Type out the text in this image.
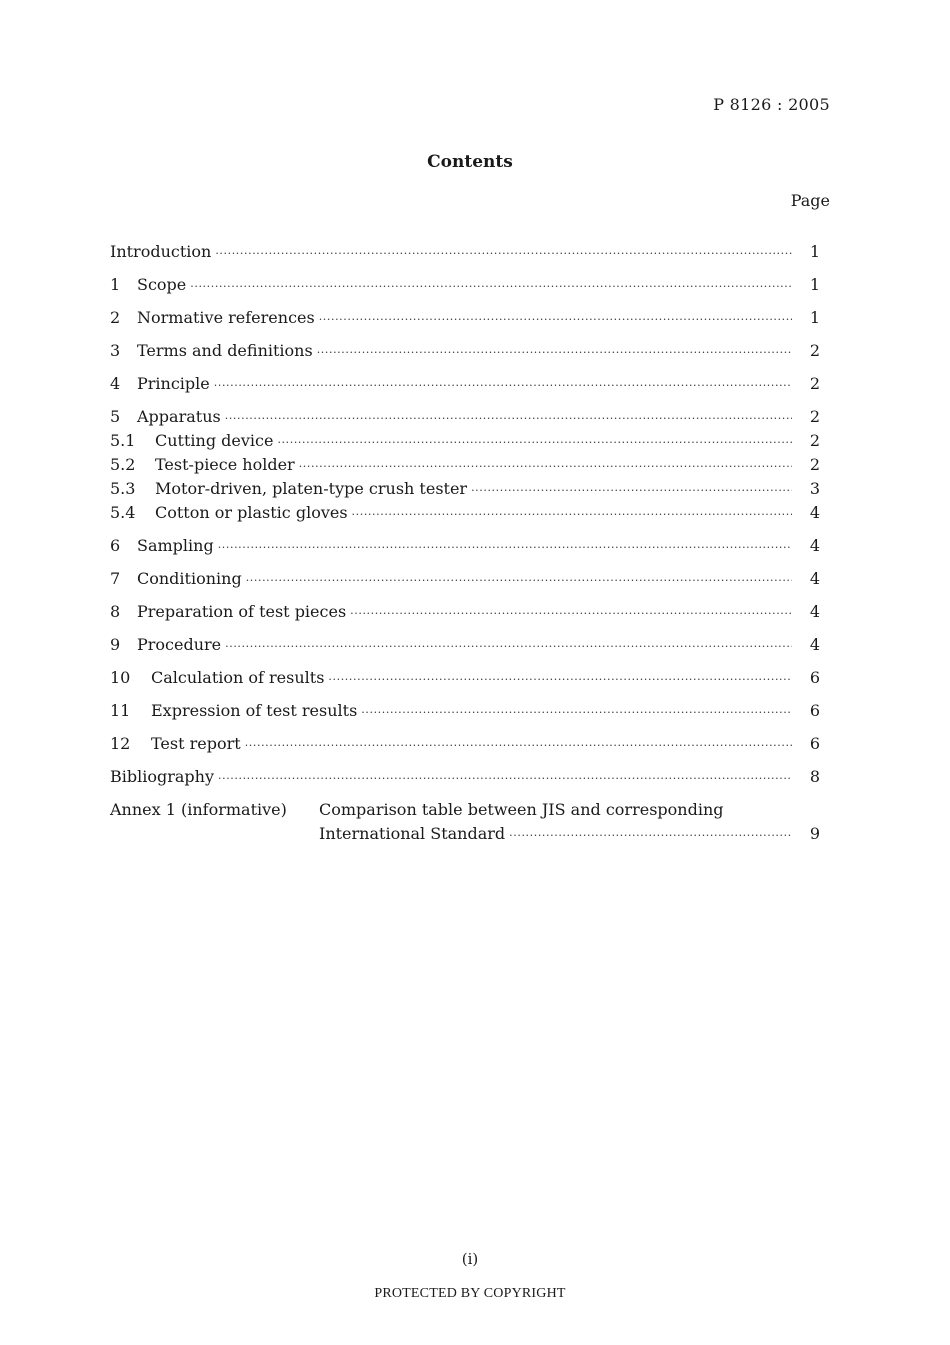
P 8126 : 2005
Contents
Page
Introduction ·····	1
1	Scope ·····	1
2	Normative references ·····	1
3	Terms and definitions ·····	2
4	Principle ·····	2
5	Apparatus ·····	2
5.1	Cutting device ·····	2
5.2	Test-piece holder ·····	2
5.3	Motor-driven, platen-type crush tester ·····	3
5.4	Cotton or plastic gloves ·····	4
6	Sampling ·····	4
7	Conditioning ·····	4
8	Preparation of test pieces ·····	4
9	Procedure ·····	4
10	Calculation of results ·····	6
11	Expression of test results ·····	6
12	Test report ·····	6
Bibliography ·····	8
Annex 1 (informative)	Comparison table between JIS and corresponding
International Standard ·····	9
(i)
PROTECTED BY COPYRIGHT
